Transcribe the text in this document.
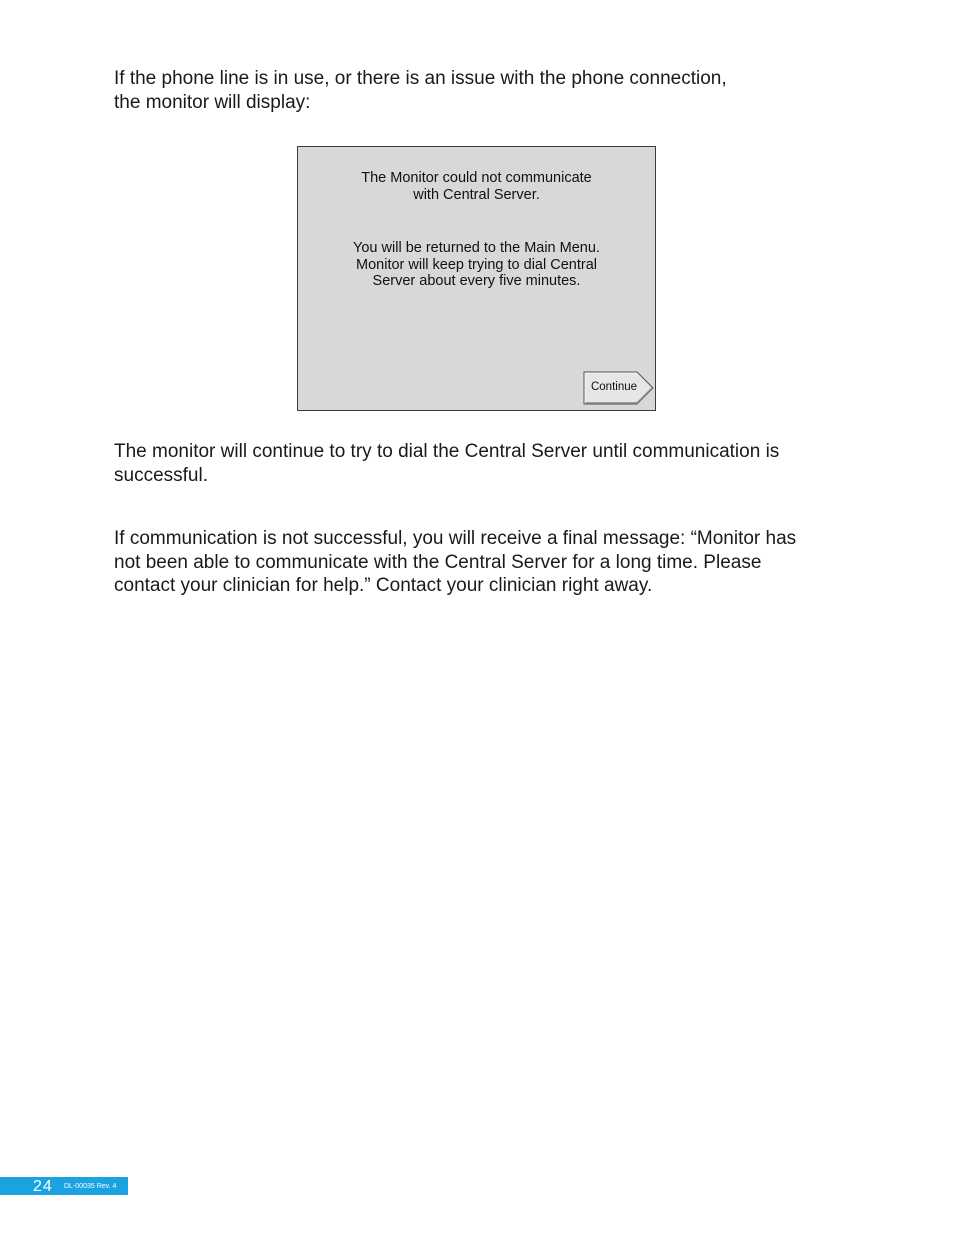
If the phone line is in use, or there is an issue with the phone connection,
the monitor will display:

The Monitor could not communicate
with Central Server.

You will be returned to the Main Menu.
Monitor will keep trying to dial Central
Server about every five minutes.

Continue

The monitor will continue to try to dial the Central Server until communication is
successful.

If communication is not successful, you will receive a final message: “Monitor has
not been able to communicate with the Central Server for a long time. Please
contact your clinician for help.” Contact your clinician right away.

24 DL-00035 Rev. 4
